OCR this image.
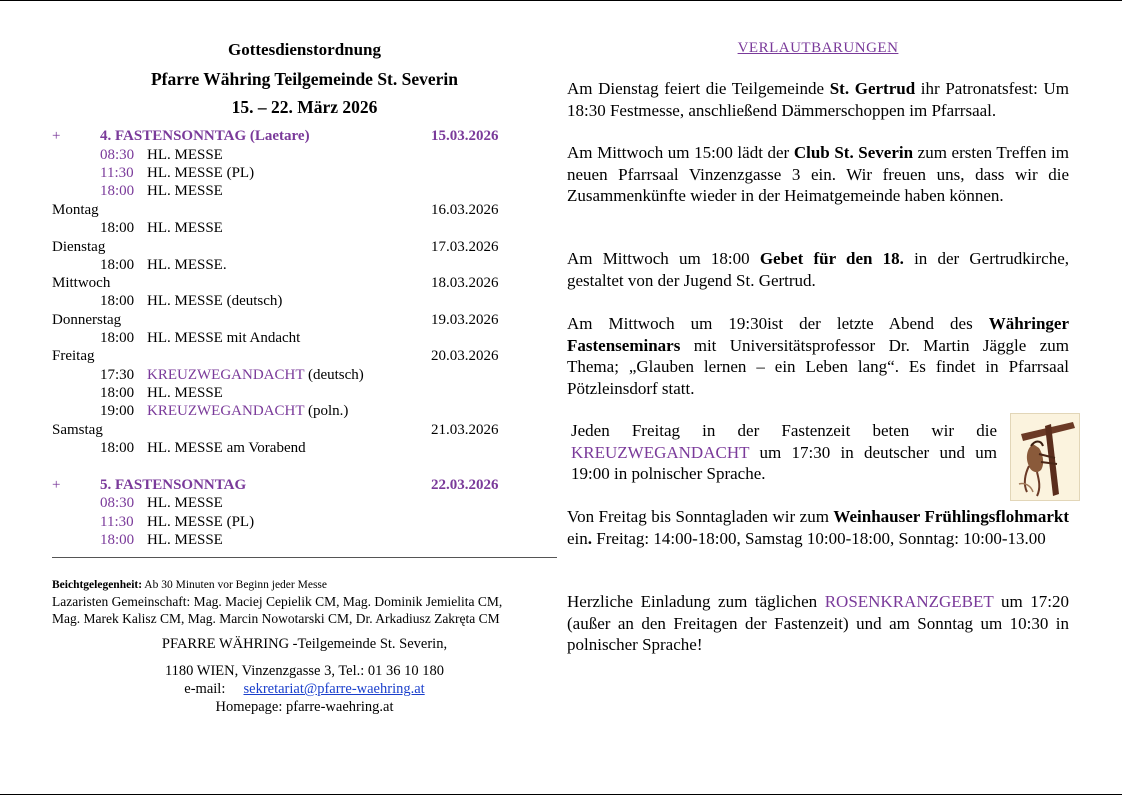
Gottesdienstordnung
Pfarre Währing Teilgemeinde St. Severin
15. – 22. März 2026
+	4. FASTENSONNTAG (Laetare)	15.03.2026
08:30 HL. MESSE
11:30 HL. MESSE (PL)
18:00 HL. MESSE
Montag	16.03.2026
18:00 HL. MESSE
Dienstag	17.03.2026
18:00 HL. MESSE.
Mittwoch	18.03.2026
18:00 HL. MESSE (deutsch)
Donnerstag	19.03.2026
18:00 HL. MESSE mit Andacht
Freitag	20.03.2026
17:30 KREUZWEGANDACHT (deutsch)
18:00 HL. MESSE
19:00 KREUZWEGANDACHT (poln.)
Samstag	21.03.2026
18:00 HL. MESSE am Vorabend
+	5. FASTENSONNTAG	22.03.2026
08:30 HL. MESSE
11:30 HL. MESSE (PL)
18:00 HL. MESSE
Beichtgelegenheit: Ab 30 Minuten vor Beginn jeder Messe
Lazaristen Gemeinschaft: Mag. Maciej Cepielik CM, Mag. Dominik Jemielita CM,
Mag. Marek Kalisz CM, Mag. Marcin Nowotarski CM, Dr. Arkadiusz Zakręta CM
PFARRE WÄHRING -Teilgemeinde St. Severin,
1180 WIEN, Vinzenzgasse 3, Tel.: 01 36 10 180
e-mail: sekretariat@pfarre-waehring.at
Homepage: pfarre-waehring.at
VERLAUTBARUNGEN
Am Dienstag feiert die Teilgemeinde St. Gertrud ihr Patronatsfest: Um 18:30 Festmesse, anschließend Dämmerschoppen im Pfarrsaal.
Am Mittwoch um 15:00 lädt der Club St. Severin zum ersten Treffen im neuen Pfarrsaal Vinzenzgasse 3 ein. Wir freuen uns, dass wir die Zusammenkünfte wieder in der Heimatgemeinde haben können.
Am Mittwoch um 18:00 Gebet für den 18. in der Gertrudkirche, gestaltet von der Jugend St. Gertrud.
Am Mittwoch um 19:30ist der letzte Abend des Währinger Fastenseminars mit Universitätsprofessor Dr. Martin Jäggle zum Thema; „Glauben lernen – ein Leben lang“. Es findet in Pfarrsaal Pötzleinsdorf statt.
Jeden Freitag in der Fastenzeit beten wir die KREUZWEGANDACHT um 17:30 in deutscher und um 19:00 in polnischer Sprache.
Von Freitag bis Sonntagladen wir zum Weinhauser Frühlingsflohmarkt ein. Freitag: 14:00-18:00, Samstag 10:00-18:00, Sonntag: 10:00-13.00
Herzliche Einladung zum täglichen ROSENKRANZGEBET um 17:20 (außer an den Freitagen der Fastenzeit) und am Sonntag um 10:30 in polnischer Sprache!
